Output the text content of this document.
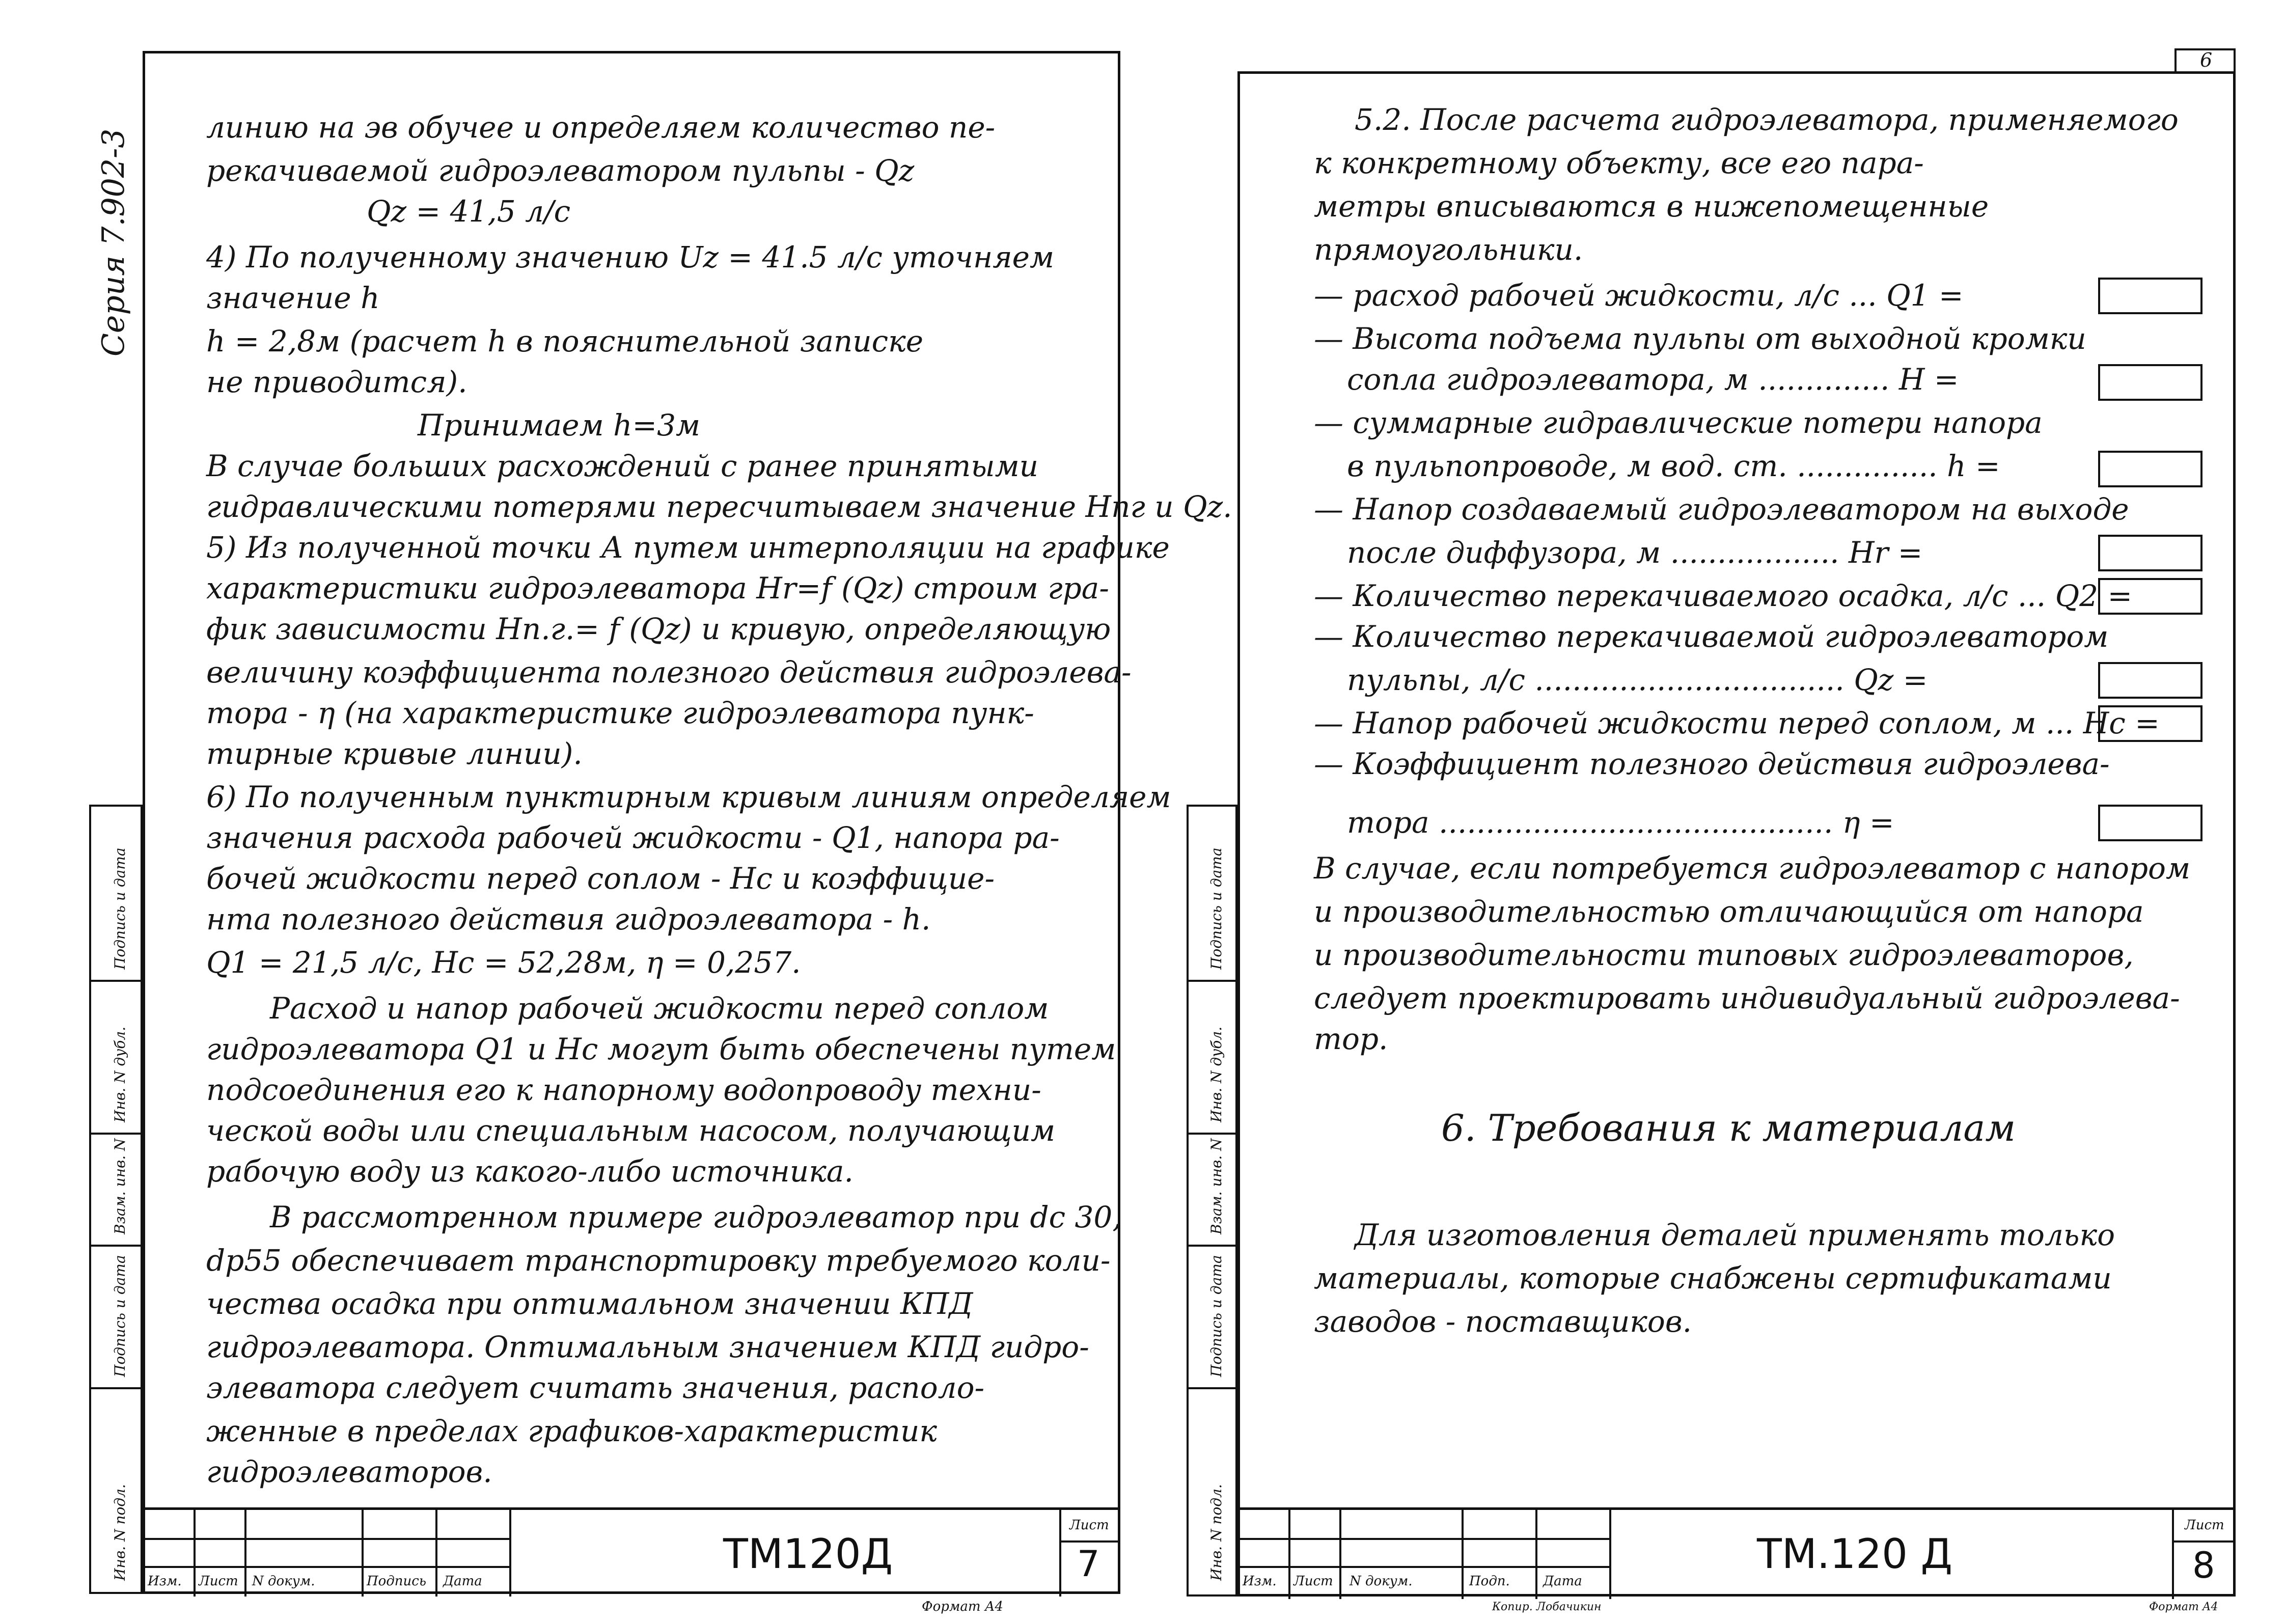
Серия 7.902-3
линию на эв обучее и определяем количество пе-
рекачиваемой гидроэлеватором пульпы - Qz
Qz = 41,5 л/с
4) По полученному значению Uz = 41.5 л/с уточняем
значение h
h = 2,8м (расчет h в пояснительной записке
не приводится).
Принимаем h=3м
В случае больших расхождений с ранее принятыми
гидравлическими потерями пересчитываем значение Hпг и Qz.
5) Из полученной точки А путем интерполяции на графике
характеристики гидроэлеватора Hr=f (Qz) строим гра-
фик зависимости Hп.г.= f (Qz) и кривую, определяющую
величину коэффициента полезного действия гидроэлева-
тора - η (на характеристике гидроэлеватора пунк-
тирные кривые линии).
6) По полученным пунктирным кривым линиям определяем
значения расхода рабочей жидкости - Q1, напора ра-
бочей жидкости перед соплом - Hс и коэффицие-
нта полезного действия гидроэлеватора - h.
Q1 = 21,5 л/с, Hс = 52,28м, η = 0,257.
Расход и напор рабочей жидкости перед соплом
гидроэлеватора Q1 и Hс могут быть обеспечены путем
подсоединения его к напорному водопроводу техни-
ческой воды или специальным насосом, получающим
рабочую воду из какого-либо источника.
В рассмотренном примере гидроэлеватор при dс 30,
dр55 обеспечивает транспортировку требуемого коли-
чества осадка при оптимальном значении КПД
гидроэлеватора. Оптимальным значением КПД гидро-
элеватора следует считать значения, располо-
женные в пределах графиков-характеристик
гидроэлеваторов.
Подпись и дата
Инв. N дубл.
Взам. инв. N
Подпись и дата
Инв. N подл.
Изм. Лист N докум.	Подпись Дата
ТМ120Д
Лист
7
Формат А4
6
5.2. После расчета гидроэлеватора, применяемого
к конкретному объекту, все его пара-
метры вписываются в нижепомещенные
прямоугольники.
— расход рабочей жидкости, л/с ... Q1 =
— Высота подъема пульпы от выходной кромки
сопла гидроэлеватора, м .............. H =
— суммарные гидравлические потери напора
в пульпопроводе, м вод. ст. ............... h =
— Напор создаваемый гидроэлеватором на выходе
после диффузора, м .................. Hr =
— Количество перекачиваемого осадка, л/с ... Q2 =
— Количество перекачиваемой гидроэлеватором
пульпы, л/с ................................. Qz =
— Напор рабочей жидкости перед соплом, м ... Hс =
— Коэффициент полезного действия гидроэлева-
тора .......................................... η =
В случае, если потребуется гидроэлеватор с напором
и производительностью отличающийся от напора
и производительности типовых гидроэлеваторов,
следует проектировать индивидуальный гидроэлева-
тор.
6. Требования к материалам
Для изготовления деталей применять только
материалы, которые снабжены сертификатами
заводов - поставщиков.
Подпись и дата
Инв. N дубл.
Взам. инв. N
Подпись и дата
Инв. N подл.
Изм. Лист N докум.	Подп.	Дата
ТМ.120 Д
Лист
8
Копир. Лобачикин	Формат А4
